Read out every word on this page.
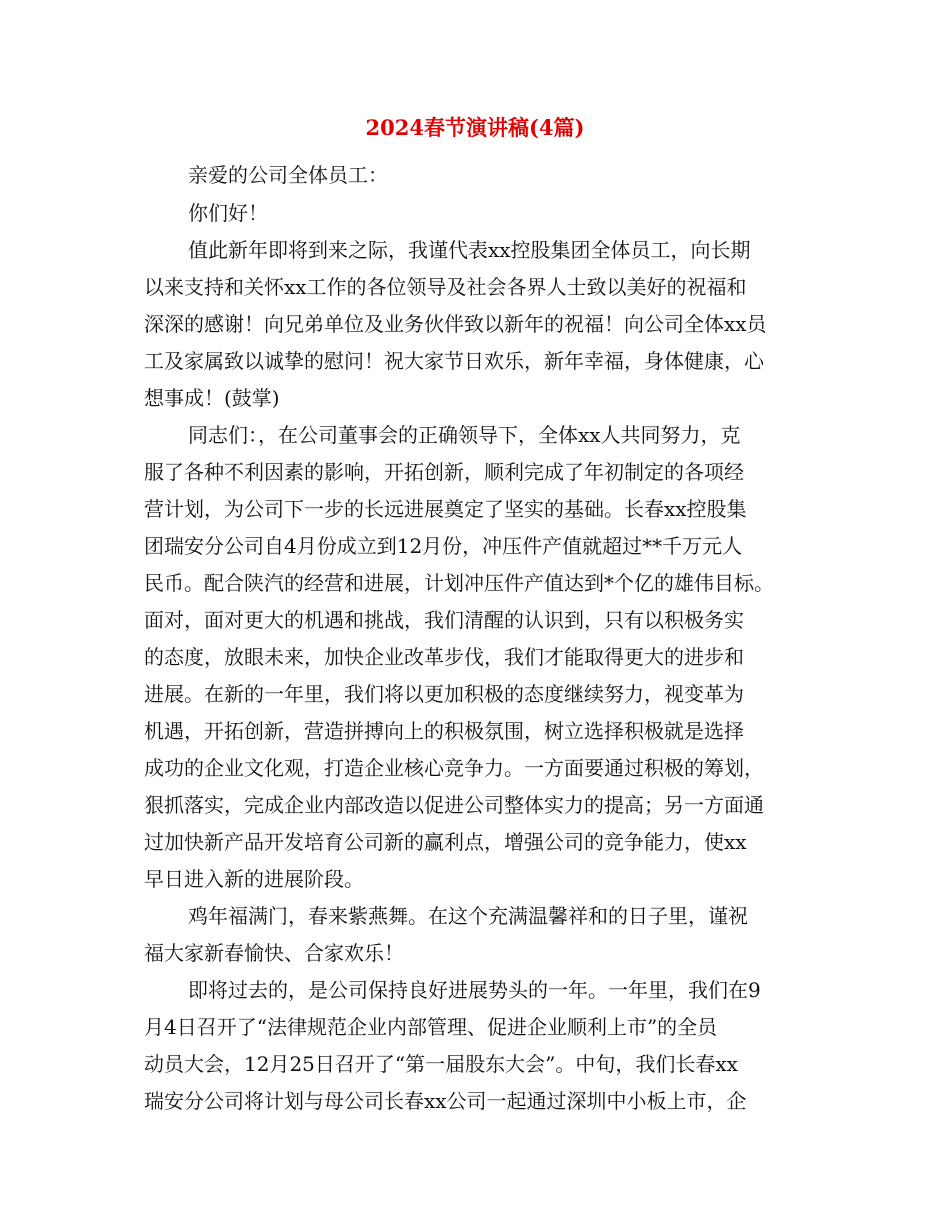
2024春节演讲稿(4篇)
亲爱的公司全体员工：
你们好！
值此新年即将到来之际，我谨代表xx控股集团全体员工，向长期
以来支持和关怀xx工作的各位领导及社会各界人士致以美好的祝福和
深深的感谢！向兄弟单位及业务伙伴致以新年的祝福！向公司全体xx员
工及家属致以诚挚的慰问！祝大家节日欢乐，新年幸福，身体健康，心
想事成！(鼓掌)
同志们：，在公司董事会的正确领导下，全体xx人共同努力，克
服了各种不利因素的影响，开拓创新，顺利完成了年初制定的各项经
营计划，为公司下一步的长远进展奠定了坚实的基础。长春xx控股集
团瑞安分公司自4月份成立到12月份，冲压件产值就超过**千万元人
民币。配合陕汽的经营和进展，计划冲压件产值达到*个亿的雄伟目标。
面对，面对更大的机遇和挑战，我们清醒的认识到，只有以积极务实
的态度，放眼未来，加快企业改革步伐，我们才能取得更大的进步和
进展。在新的一年里，我们将以更加积极的态度继续努力，视变革为
机遇，开拓创新，营造拼搏向上的积极氛围，树立选择积极就是选择
成功的企业文化观，打造企业核心竞争力。一方面要通过积极的筹划，
狠抓落实，完成企业内部改造以促进公司整体实力的提高；另一方面通
过加快新产品开发培育公司新的赢利点，增强公司的竞争能力，使xx
早日进入新的进展阶段。
鸡年福满门，春来紫燕舞。在这个充满温馨祥和的日子里，谨祝
福大家新春愉快、合家欢乐！
即将过去的，是公司保持良好进展势头的一年。一年里，我们在9
月4日召开了“法律规范企业内部管理、促进企业顺利上市”的全员
动员大会，12月25日召开了“第一届股东大会”。中旬，我们长春xx
瑞安分公司将计划与母公司长春xx公司一起通过深圳中小板上市，企
